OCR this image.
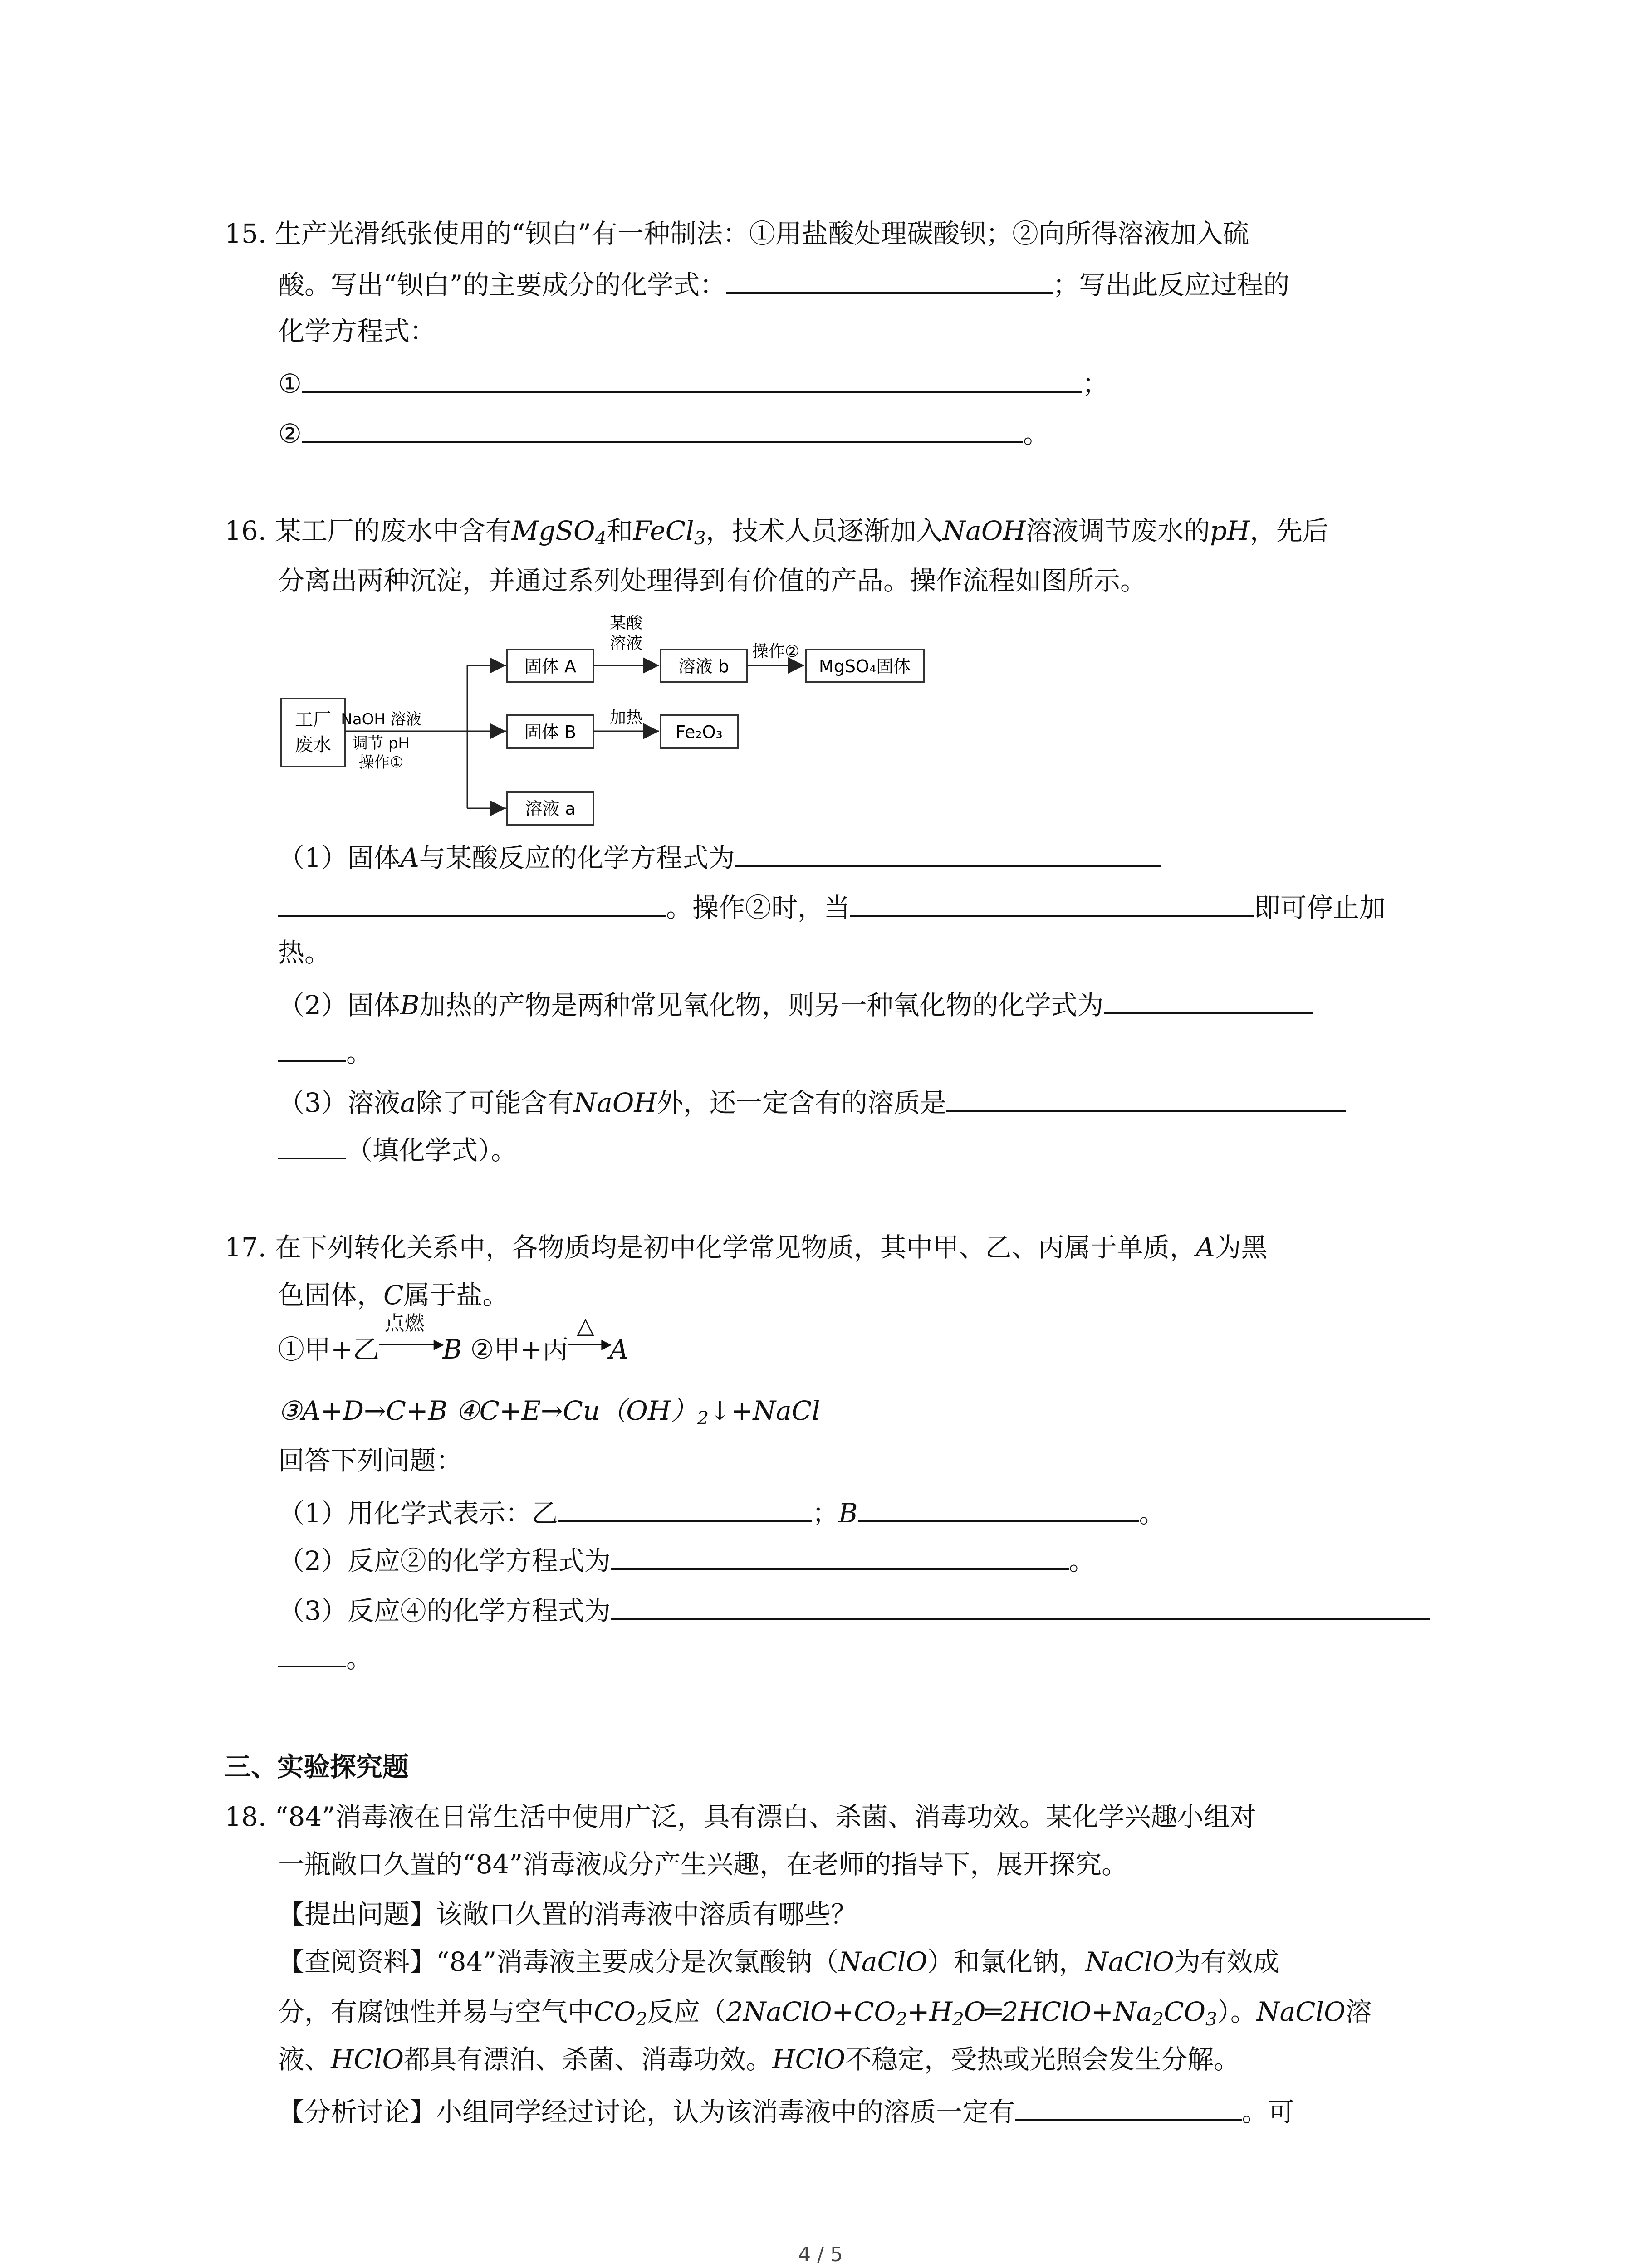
15. 生产光滑纸张使用的“钡白”有一种制法：①用盐酸处理碳酸钡；②向所得溶液加入硫
酸。写出“钡白”的主要成分的化学式：	；写出此反应过程的
化学方程式：
①	；
②	。
16. 某工厂的废水中含有MgSO$_4$和FeCl$_3$，技术人员逐渐加入NaOH溶液调节废水的pH，先后
分离出两种沉淀，并通过系列处理得到有价值的产品。操作流程如图所示。
工厂
废水
NaOH 溶液
调节 pH
操作①
固体 A
固体 B
溶液 a
某酸
溶液
溶液 b
操作②
MgSO₄固体
加热
Fe₂O₃
（1）固体A与某酸反应的化学方程式为
。操作②时，当	即可停止加
热。
（2）固体B加热的产物是两种常见氧化物，则另一种氧化物的化学式为
。
（3）溶液a除了可能含有NaOH外，还一定含有的溶质是
（填化学式）。
17. 在下列转化关系中，各物质均是初中化学常见物质，其中甲、乙、丙属于单质，A为黑
色固体，C属于盐。
①甲+乙
点燃
▶
B ②甲+丙
△
▶
A
③A+D→C+B $④C+E\to Cu(OH)_2↓+NaCl$
回答下列问题：
（1）用化学式表示：乙	；B	。
（2）反应②的化学方程式为	。
（3）反应④的化学方程式为
。
三、实验探究题
18. “84”消毒液在日常生活中使用广泛，具有漂白、杀菌、消毒功效。某化学兴趣小组对
一瓶敞口久置的“84”消毒液成分产生兴趣，在老师的指导下，展开探究。
【提出问题】该敞口久置的消毒液中溶质有哪些？
【查阅资料】“84”消毒液主要成分是次氯酸钠（NaClO）和氯化钠，NaClO为有效成
分，有腐蚀性并易与空气中$CO_2$反应$(2NaClO+CO_2+H_2O═2HClO+Na_2CO_3)$。NaClO溶
液、HClO都具有漂泊、杀菌、消毒功效。HClO不稳定，受热或光照会发生分解。
【分析讨论】小组同学经过讨论，认为该消毒液中的溶质一定有	。可
4 / 5
